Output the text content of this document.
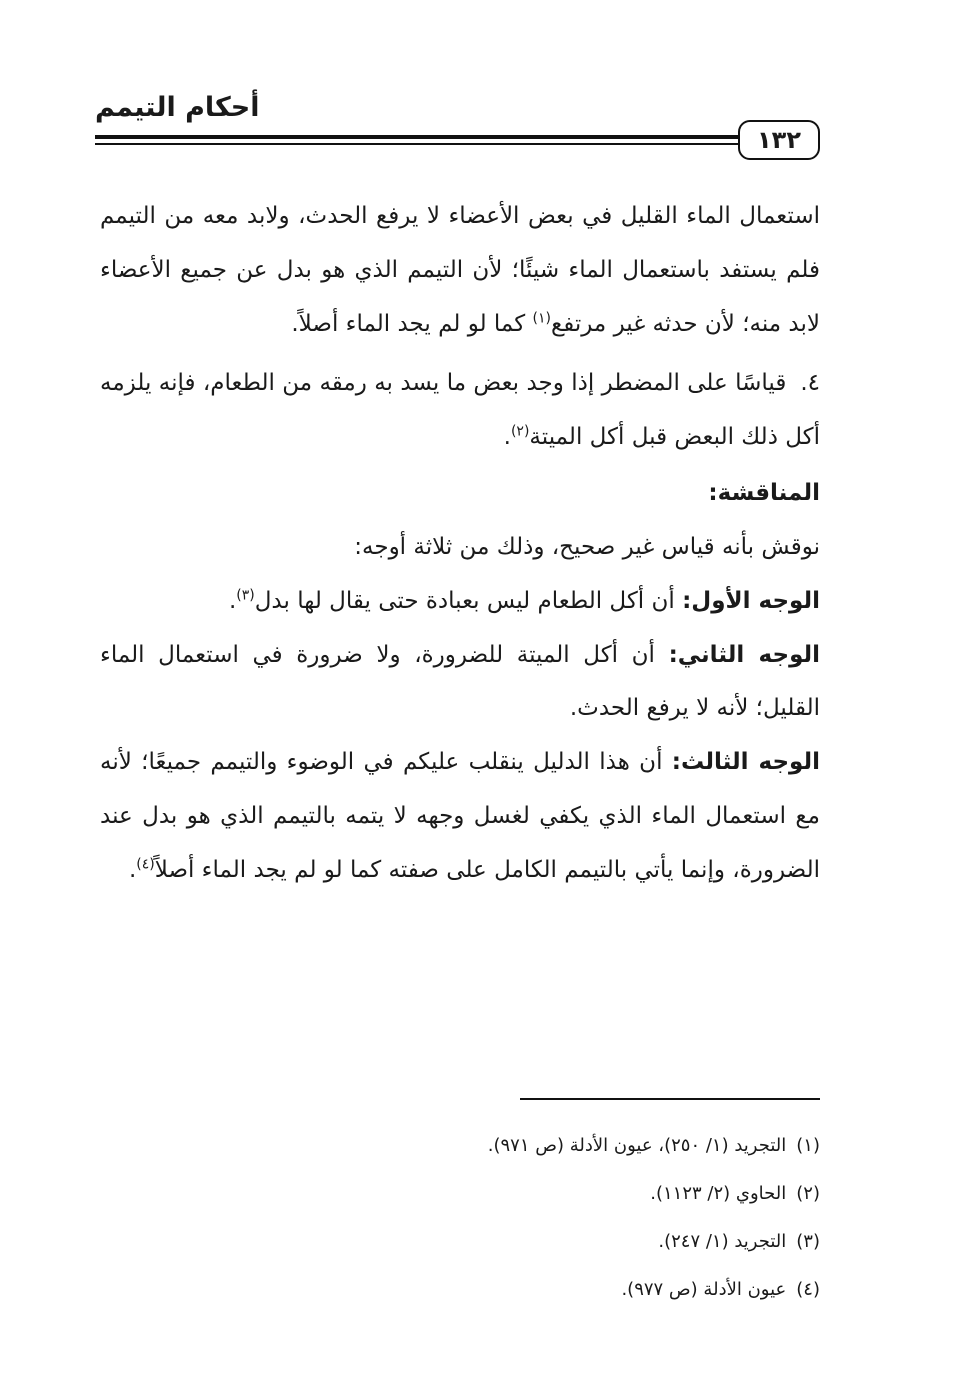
أحكام التيمم
١٣٢

استعمال الماء القليل في بعض الأعضاء لا يرفع الحدث، ولابد معه من التيمم فلم يستفد باستعمال الماء شيئًا؛ لأن التيمم الذي هو بدل عن جميع الأعضاء لابد منه؛ لأن حدثه غير مرتفع$^{(١)}$ كما لو لم يجد الماء أصلاً.

٤.قياسًا على المضطر إذا وجد بعض ما يسد به رمقه من الطعام، فإنه يلزمه أكل ذلك البعض قبل أكل الميتة$^{(٢)}$.

المناقشة:

نوقش بأنه قياس غير صحيح، وذلك من ثلاثة أوجه:

الوجه الأول: أن أكل الطعام ليس بعبادة حتى يقال لها بدل$^{(٣)}$.

الوجه الثاني: أن أكل الميتة للضرورة، ولا ضرورة في استعمال الماء القليل؛ لأنه لا يرفع الحدث.

الوجه الثالث: أن هذا الدليل ينقلب عليكم في الوضوء والتيمم جميعًا؛ لأنه مع استعمال الماء الذي يكفي لغسل وجهه لا يتمه بالتيمم الذي هو بدل عند الضرورة، وإنما يأتي بالتيمم الكامل على صفته كما لو لم يجد الماء أصلاً$^{(٤)}$.

(١)التجريد (١/ ٢٥٠)، عيون الأدلة (ص ٩٧١).

(٢)الحاوي (٢/ ١١٢٣).

(٣)التجريد (١/ ٢٤٧).

(٤)عيون الأدلة (ص ٩٧٧).
